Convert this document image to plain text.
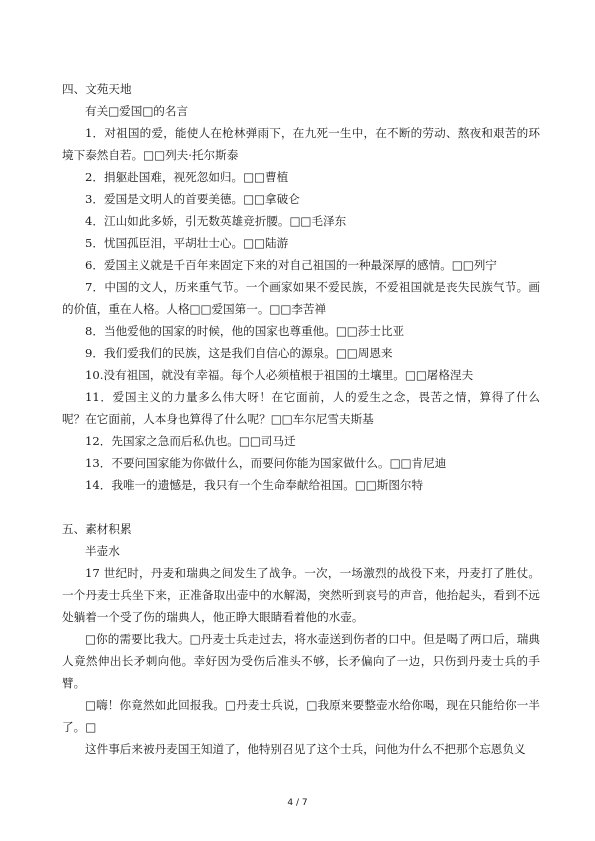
四、文苑天地

有关□爱国□的名言

1．对祖国的爱，能使人在枪林弹雨下，在九死一生中，在不断的劳动、熬夜和艰苦的环境下泰然自若。□□列夫·托尔斯泰

2．捐躯赴国难，视死忽如归。□□曹植

3．爱国是文明人的首要美德。□□拿破仑

4．江山如此多娇，引无数英雄竞折腰。□□毛泽东

5．忧国孤臣泪，平胡壮士心。□□陆游

6．爱国主义就是千百年来固定下来的对自己祖国的一种最深厚的感情。□□列宁

7．中国的文人，历来重气节。一个画家如果不爱民族，不爱祖国就是丧失民族气节。画的价值，重在人格。人格□□爱国第一。□□李苦禅

8．当他爱他的国家的时候，他的国家也尊重他。□□莎士比亚

9．我们爱我们的民族，这是我们自信心的源泉。□□周恩来

10.没有祖国，就没有幸福。每个人必须植根于祖国的土壤里。□□屠格涅夫

11．爱国主义的力量多么伟大呀！在它面前，人的爱生之念，畏苦之情，算得了什么呢？在它面前，人本身也算得了什么呢？□□车尔尼雪夫斯基

12．先国家之急而后私仇也。□□司马迁

13．不要问国家能为你做什么，而要问你能为国家做什么。□□肯尼迪

14．我唯一的遗憾是，我只有一个生命奉献给祖国。□□斯图尔特

五、素材积累

半壶水

17 世纪时，丹麦和瑞典之间发生了战争。一次，一场激烈的战役下来，丹麦打了胜仗。一个丹麦士兵坐下来，正准备取出壶中的水解渴，突然听到哀号的声音，他抬起头，看到不远处躺着一个受了伤的瑞典人，他正睁大眼睛看着他的水壶。

□你的需要比我大。□丹麦士兵走过去，将水壶送到伤者的口中。但是喝了两口后，瑞典人竟然伸出长矛刺向他。幸好因为受伤后准头不够，长矛偏向了一边，只伤到丹麦士兵的手臂。

□嗨！你竟然如此回报我。□丹麦士兵说，□我原来要整壶水给你喝，现在只能给你一半了。□

这件事后来被丹麦国王知道了，他特别召见了这个士兵，问他为什么不把那个忘恩负义

4 / 7
